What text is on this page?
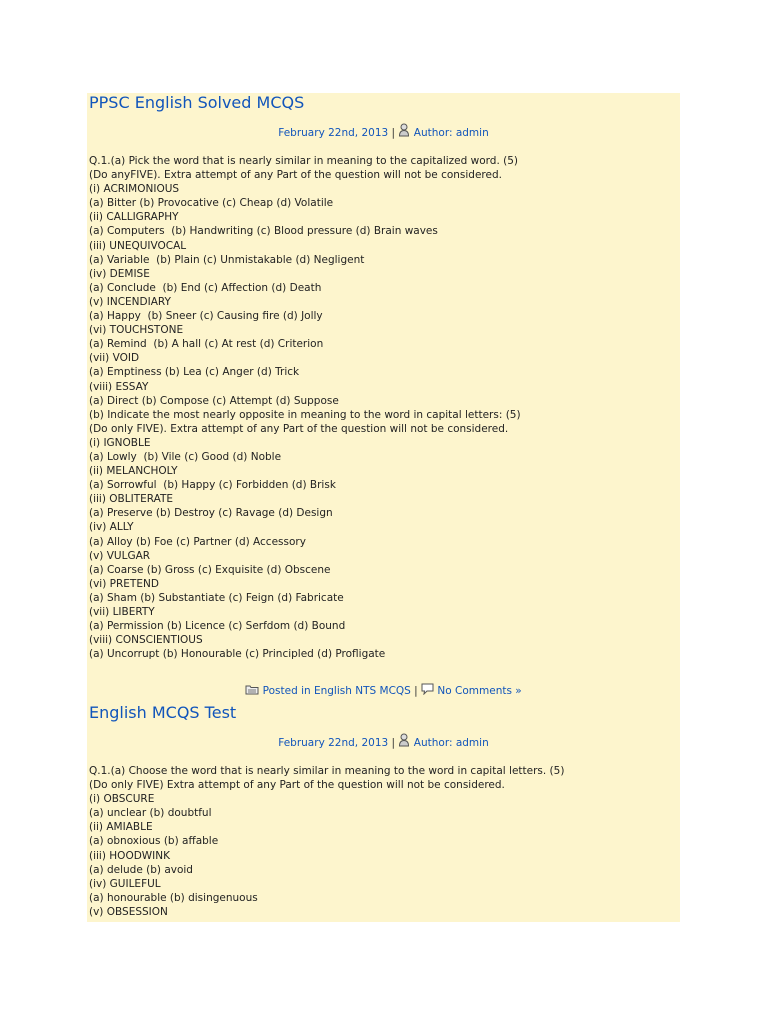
PPSC English Solved MCQS
February 22nd, 2013 | Author: admin
Q.1.(a) Pick the word that is nearly similar in meaning to the capitalized word. (5)
(Do anyFIVE). Extra attempt of any Part of the question will not be considered.
(i) ACRIMONIOUS
(a) Bitter (b) Provocative (c) Cheap (d) Volatile
(ii) CALLIGRAPHY
(a) Computers  (b) Handwriting (c) Blood pressure (d) Brain waves
(iii) UNEQUIVOCAL
(a) Variable  (b) Plain (c) Unmistakable (d) Negligent
(iv) DEMISE
(a) Conclude  (b) End (c) Affection (d) Death
(v) INCENDIARY
(a) Happy  (b) Sneer (c) Causing fire (d) Jolly
(vi) TOUCHSTONE
(a) Remind  (b) A hall (c) At rest (d) Criterion
(vii) VOID
(a) Emptiness (b) Lea (c) Anger (d) Trick
(viii) ESSAY
(a) Direct (b) Compose (c) Attempt (d) Suppose
(b) Indicate the most nearly opposite in meaning to the word in capital letters: (5)
(Do only FIVE). Extra attempt of any Part of the question will not be considered.
(i) IGNOBLE
(a) Lowly  (b) Vile (c) Good (d) Noble
(ii) MELANCHOLY
(a) Sorrowful  (b) Happy (c) Forbidden (d) Brisk
(iii) OBLITERATE
(a) Preserve (b) Destroy (c) Ravage (d) Design
(iv) ALLY
(a) Alloy (b) Foe (c) Partner (d) Accessory
(v) VULGAR
(a) Coarse (b) Gross (c) Exquisite (d) Obscene
(vi) PRETEND
(a) Sham (b) Substantiate (c) Feign (d) Fabricate
(vii) LIBERTY
(a) Permission (b) Licence (c) Serfdom (d) Bound
(viii) CONSCIENTIOUS
(a) Uncorrupt (b) Honourable (c) Principled (d) Profligate
Posted in English NTS MCQS | No Comments »
English MCQS Test
February 22nd, 2013 | Author: admin
Q.1.(a) Choose the word that is nearly similar in meaning to the word in capital letters. (5)
(Do only FIVE) Extra attempt of any Part of the question will not be considered.
(i) OBSCURE
(a) unclear (b) doubtful
(ii) AMIABLE
(a) obnoxious (b) affable
(iii) HOODWINK
(a) delude (b) avoid
(iv) GUILEFUL
(a) honourable (b) disingenuous
(v) OBSESSION
